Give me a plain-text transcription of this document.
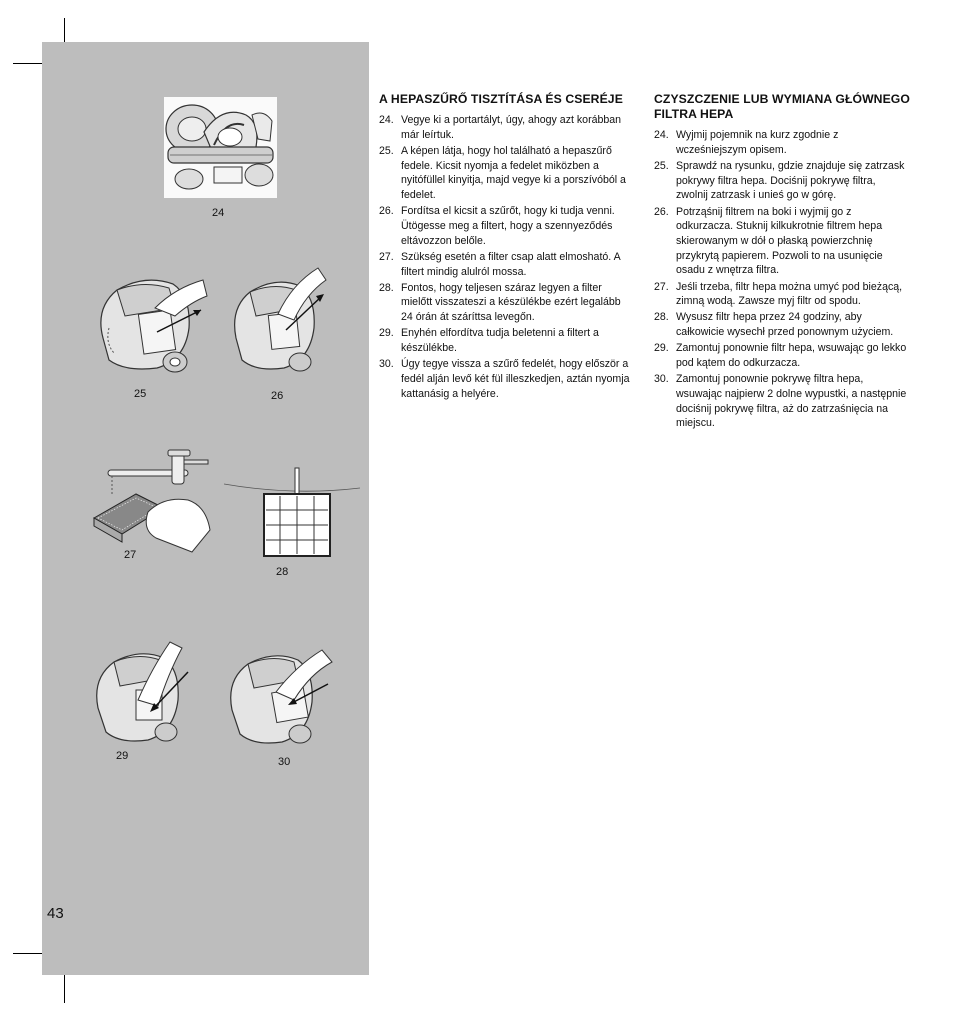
24
25	26
27
28
29	30
43
A HEPASZŰRŐ TISZTÍTÁSA ÉS CSERÉJE
24. Vegye ki a portartályt, úgy, ahogy azt korábban már leírtuk.
25. A képen látja, hogy hol található a hepaszűrő fedele. Kicsit nyomja a fedelet miközben a nyitófüllel kinyitja, majd vegye ki a porszívóból a fedelet.
26. Fordítsa el kicsit a szűrőt, hogy ki tudja venni. Ütögesse meg a filtert, hogy a szennyeződés eltávozzon belőle.
27. Szükség esetén a filter csap alatt elmosható. A filtert mindig alulról mossa.
28. Fontos, hogy teljesen száraz legyen a filter mielőtt visszateszi a készülékbe ezért legalább 24 órán át száríttsa levegőn.
29. Enyhén elfordítva tudja beletenni a filtert a készülékbe.
30. Úgy tegye vissza a szűrő fedelét, hogy először a fedél alján levő két fül illeszkedjen, aztán nyomja kattanásig a helyére.
CZYSZCZENIE LUB WYMIANA GŁÓWNEGO FILTRA HEPA
24. Wyjmij pojemnik na kurz zgodnie z wcześniejszym opisem.
25. Sprawdź na rysunku, gdzie znajduje się zatrzask pokrywy filtra hepa. Dociśnij pokrywę filtra, zwolnij zatrzask i unieś go w górę.
26. Potrząśnij filtrem na boki i wyjmij go z odkurzacza. Stuknij kilkukrotnie filtrem hepa skierowanym w dół o płaską powierzchnię przykrytą papierem. Pozwoli to na usunięcie osadu z wnętrza filtra.
27. Jeśli trzeba, filtr hepa można umyć pod bieżącą, zimną wodą. Zawsze myj filtr od spodu.
28. Wysusz filtr hepa przez 24 godziny, aby całkowicie wysechł przed ponownym użyciem.
29. Zamontuj ponownie filtr hepa, wsuwając go lekko pod kątem do odkurzacza.
30. Zamontuj ponownie pokrywę filtra hepa, wsuwając najpierw 2 dolne wypustki, a następnie dociśnij pokrywę filtra, aż do zatrzaśnięcia na miejscu.
